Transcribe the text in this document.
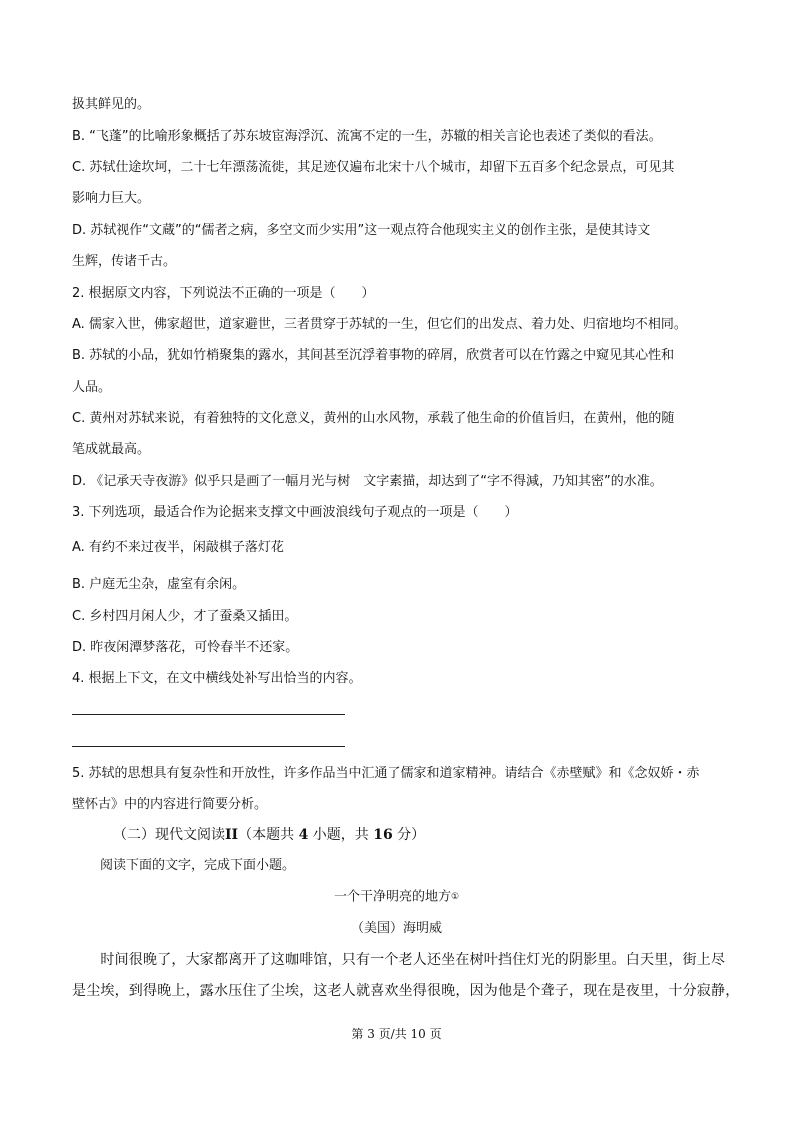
扱其鲜见的。
B. “飞蓬”的比喻形象概括了苏东坡宦海浮沉、流寓不定的一生，苏辙的相关言论也表述了类似的看法。
C. 苏轼仕途坎坷，二十七年漂荡流徙，其足迹仅遍布北宋十八个城市，却留下五百多个纪念景点，可见其
影响力巨大。
D. 苏轼视作“文蔵”的“儒者之病，多空文而少实用”这一观点符合他现实主义的创作主张，是使其诗文
生辉，传诸千古。
2. 根据原文内容，下列说法不正确的一项是（　　）
A. 儒家入世，佛家超世，道家避世，三者贯穿于苏轼的一生，但它们的出发点、着力处、归宿地均不相同。
B. 苏轼的小品，犹如竹梢聚集的露水，其间甚至沉浮着事物的碎屑，欣赏者可以在竹露之中窥见其心性和
人品。
C. 黄州对苏轼来说，有着独特的文化意义，黄州的山水风物，承载了他生命的价值旨归，在黄州，他的随
笔成就最高。
D. 《记承天寺夜游》似乎只是画了一幅月光与树　文字素描，却达到了“字不得減，乃知其密”的水准。
3. 下列选项，最适合作为论据来支撑文中画波浪线句子观点的一项是（　　）
A. 有约不来过夜半，闲敲棋子落灯花
B. 户庭无尘杂，虚室有余闲。
C. 乡村四月闲人少，才了蚕桑又插田。
D. 昨夜闲潭梦落花，可怜春半不还家。
4. 根据上下文，在文中横线处补写出恰当的内容。
5. 苏轼的思想具有复杂性和开放性，许多作品当中汇通了儒家和道家精神。请结合《赤壁赋》和《念奴娇・赤
壁怀古》中的内容进行简要分析。
（二）现代文阅读II（本题共 4 小题，共 16 分）
阅读下面的文字，完成下面小题。
一个干净明亮的地方①
（美国）海明威
　　时间很晚了，大家都离开了这咖啡馆，只有一个老人还坐在树叶挡住灯光的阴影里。白天里，街上尽
是尘埃，到得晚上，露水压住了尘埃，这老人就喜欢坐得很晚，因为他是个聋子，现在是夜里，十分寂静，
第 3 页/共 10 页
